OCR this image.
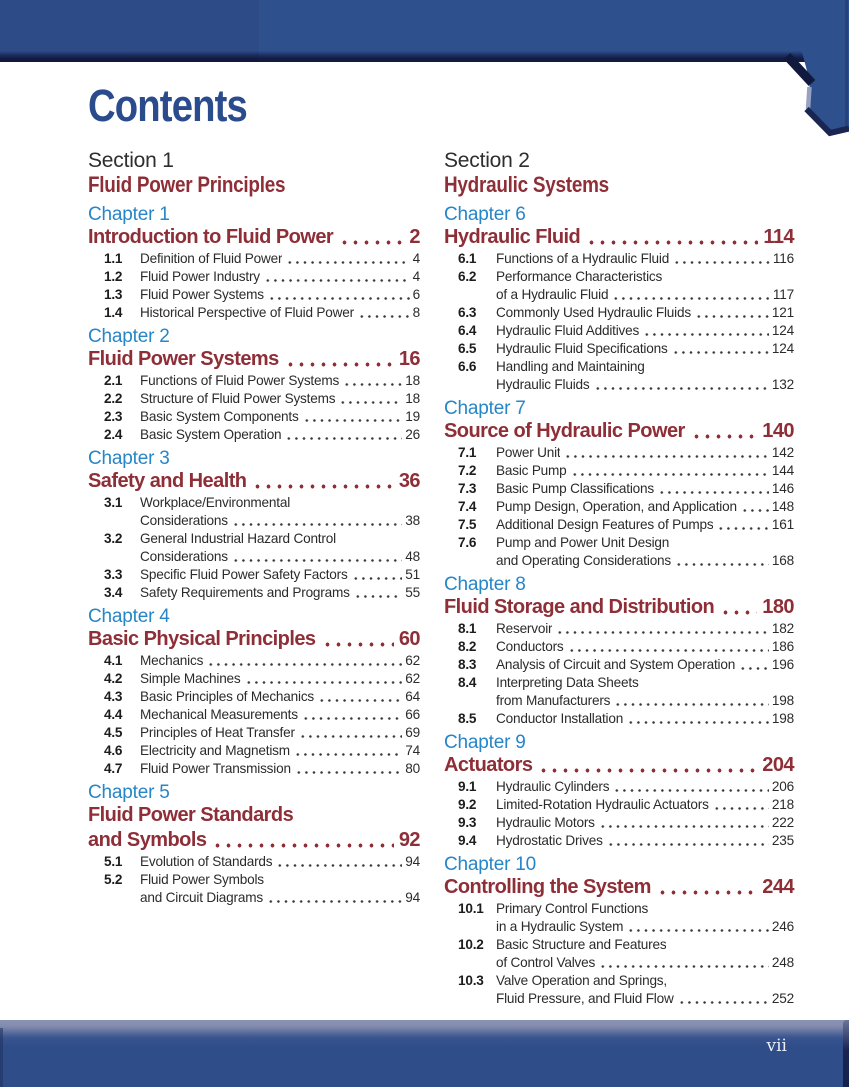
Contents
Section 1
Fluid Power Principles
Chapter 1
Introduction to Fluid Power	2
1.1	Definition of Fluid Power	4
1.2	Fluid Power Industry	4
1.3	Fluid Power Systems	6
1.4	Historical Perspective of Fluid Power	8
Chapter 2
Fluid Power Systems	16
2.1	Functions of Fluid Power Systems	18
2.2	Structure of Fluid Power Systems	18
2.3	Basic System Components	19
2.4	Basic System Operation	26
Chapter 3
Safety and Health	36
3.1	Workplace/Environmental
Considerations	38
3.2	General Industrial Hazard Control
Considerations	48
3.3	Specific Fluid Power Safety Factors	51
3.4	Safety Requirements and Programs	55
Chapter 4
Basic Physical Principles	60
4.1	Mechanics	62
4.2	Simple Machines	62
4.3	Basic Principles of Mechanics	64
4.4	Mechanical Measurements	66
4.5	Principles of Heat Transfer	69
4.6	Electricity and Magnetism	74
4.7	Fluid Power Transmission	80
Chapter 5
Fluid Power Standards
and Symbols	92
5.1	Evolution of Standards	94
5.2	Fluid Power Symbols
and Circuit Diagrams	94
Section 2
Hydraulic Systems
Chapter 6
Hydraulic Fluid	114
6.1	Functions of a Hydraulic Fluid	116
6.2	Performance Characteristics
of a Hydraulic Fluid	117
6.3	Commonly Used Hydraulic Fluids	121
6.4	Hydraulic Fluid Additives	124
6.5	Hydraulic Fluid Specifications	124
6.6	Handling and Maintaining
Hydraulic Fluids	132
Chapter 7
Source of Hydraulic Power	140
7.1	Power Unit	142
7.2	Basic Pump	144
7.3	Basic Pump Classifications	146
7.4	Pump Design, Operation, and Application	148
7.5	Additional Design Features of Pumps	161
7.6	Pump and Power Unit Design
and Operating Considerations	168
Chapter 8
Fluid Storage and Distribution 180
8.1	Reservoir	182
8.2	Conductors	186
8.3	Analysis of Circuit and System Operation	196
8.4	Interpreting Data Sheets
from Manufacturers	198
8.5	Conductor Installation	198
Chapter 9
Actuators	204
9.1	Hydraulic Cylinders	206
9.2	Limited-Rotation Hydraulic Actuators	218
9.3	Hydraulic Motors	222
9.4	Hydrostatic Drives	235
Chapter 10
Controlling the System	244
10.1 Primary Control Functions
in a Hydraulic System	246
10.2 Basic Structure and Features
of Control Valves	248
10.3 Valve Operation and Springs,
Fluid Pressure, and Fluid Flow	252
vii
